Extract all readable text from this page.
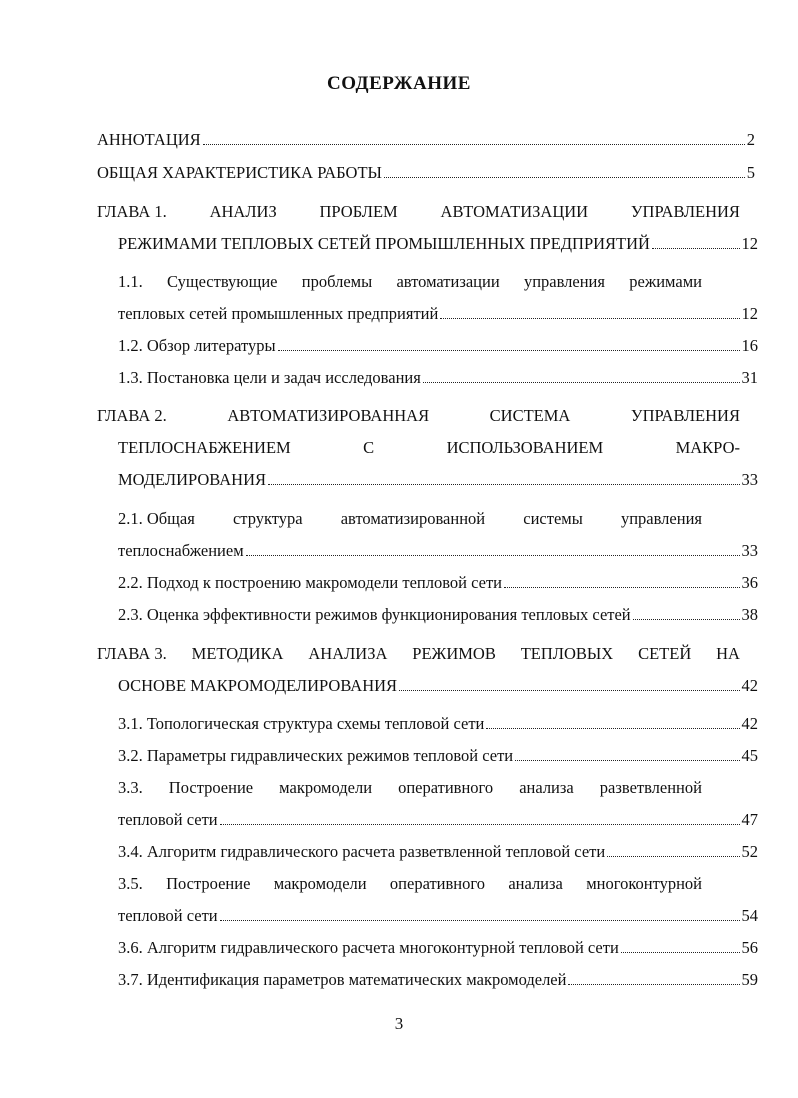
СОДЕРЖАНИЕ
АННОТАЦИЯ	2
ОБЩАЯ ХАРАКТЕРИСТИКА РАБОТЫ	5
ГЛАВА 1.	АНАЛИЗ	ПРОБЛЕМ	АВТОМАТИЗАЦИИ	УПРАВЛЕНИЯ
РЕЖИМАМИ ТЕПЛОВЫХ СЕТЕЙ ПРОМЫШЛЕННЫХ ПРЕДПРИЯТИЙ	12
1.1. Существующие проблемы автоматизации управления режимами
тепловых сетей промышленных предприятий	12
1.2. Обзор литературы	16
1.3. Постановка цели и задач исследования	31
ГЛАВА 2.	АВТОМАТИЗИРОВАННАЯ	СИСТЕМА	УПРАВЛЕНИЯ
ТЕПЛОСНАБЖЕНИЕМ	С	ИСПОЛЬЗОВАНИЕМ	МАКРО-
МОДЕЛИРОВАНИЯ	33
2.1. Общая структура автоматизированной системы управления
теплоснабжением	33
2.2. Подход к построению макромодели тепловой сети	36
2.3. Оценка эффективности режимов функционирования тепловых сетей	38
ГЛАВА 3. МЕТОДИКА АНАЛИЗА РЕЖИМОВ ТЕПЛОВЫХ СЕТЕЙ НА
ОСНОВЕ МАКРОМОДЕЛИРОВАНИЯ	42
3.1. Топологическая структура схемы тепловой сети	42
3.2. Параметры гидравлических режимов тепловой сети	45
3.3. Построение макромодели оперативного анализа разветвленной
тепловой сети	47
3.4. Алгоритм гидравлического расчета разветвленной тепловой сети	52
3.5. Построение макромодели оперативного анализа многоконтурной
тепловой сети	54
3.6. Алгоритм гидравлического расчета многоконтурной тепловой сети	56
3.7. Идентификация параметров математических макромоделей	59
3
